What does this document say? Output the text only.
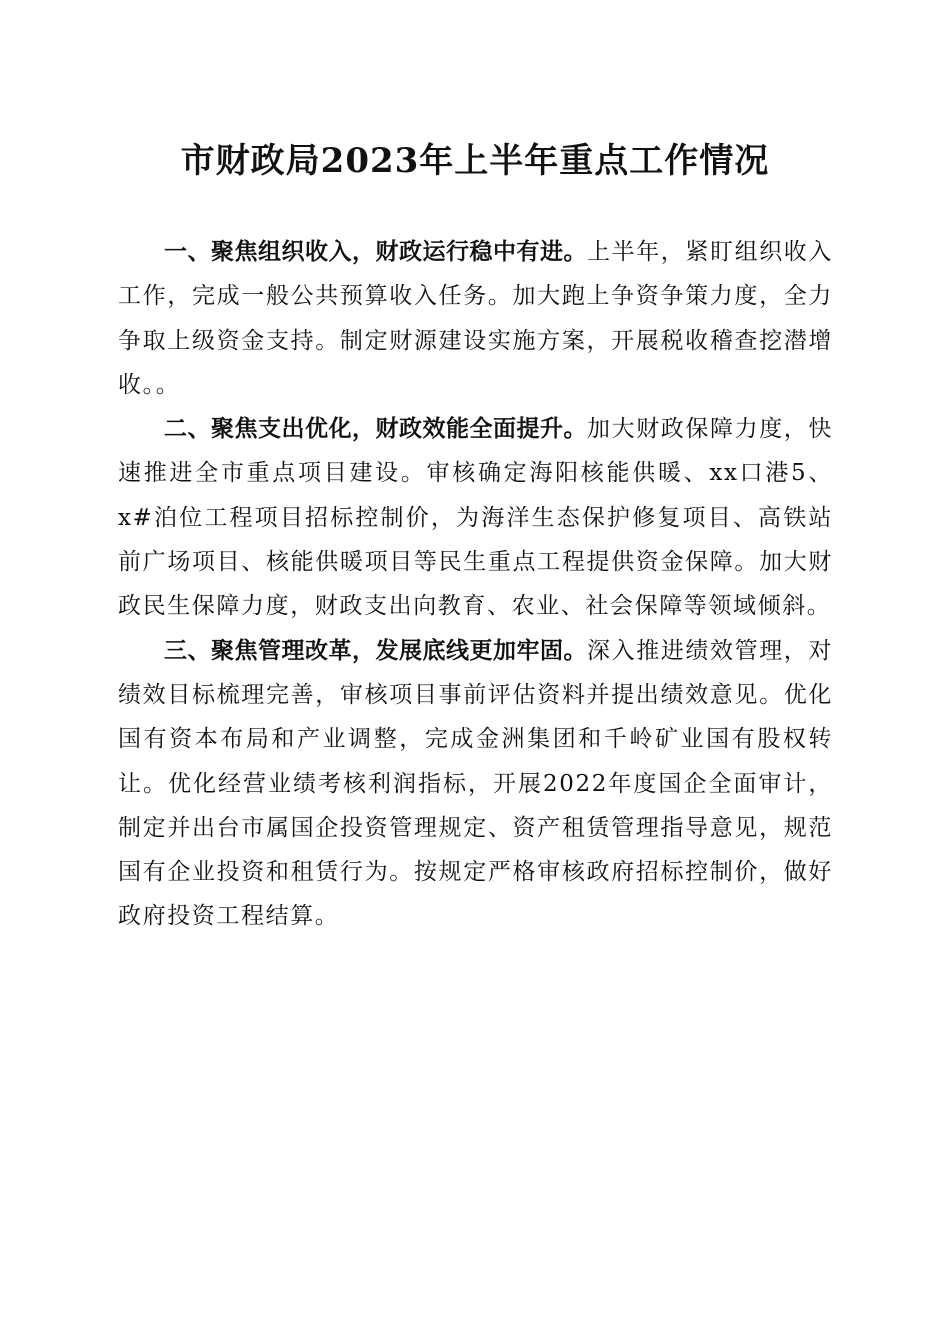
市财政局2023年上半年重点工作情况

一、聚焦组织收入，财政运行稳中有进。上半年，紧盯组织收入工作，完成一般公共预算收入任务。加大跑上争资争策力度，全力争取上级资金支持。制定财源建设实施方案，开展税收稽查挖潜增收。。

二、聚焦支出优化，财政效能全面提升。加大财政保障力度，快速推进全市重点项目建设。审核确定海阳核能供暖、xx口港5、x#泊位工程项目招标控制价，为海洋生态保护修复项目、高铁站前广场项目、核能供暖项目等民生重点工程提供资金保障。加大财政民生保障力度，财政支出向教育、农业、社会保障等领域倾斜。

三、聚焦管理改革，发展底线更加牢固。深入推进绩效管理，对绩效目标梳理完善，审核项目事前评估资料并提出绩效意见。优化国有资本布局和产业调整，完成金洲集团和千岭矿业国有股权转让。优化经营业绩考核利润指标，开展2022年度国企全面审计，制定并出台市属国企投资管理规定、资产租赁管理指导意见，规范国有企业投资和租赁行为。按规定严格审核政府招标控制价，做好政府投资工程结算。
